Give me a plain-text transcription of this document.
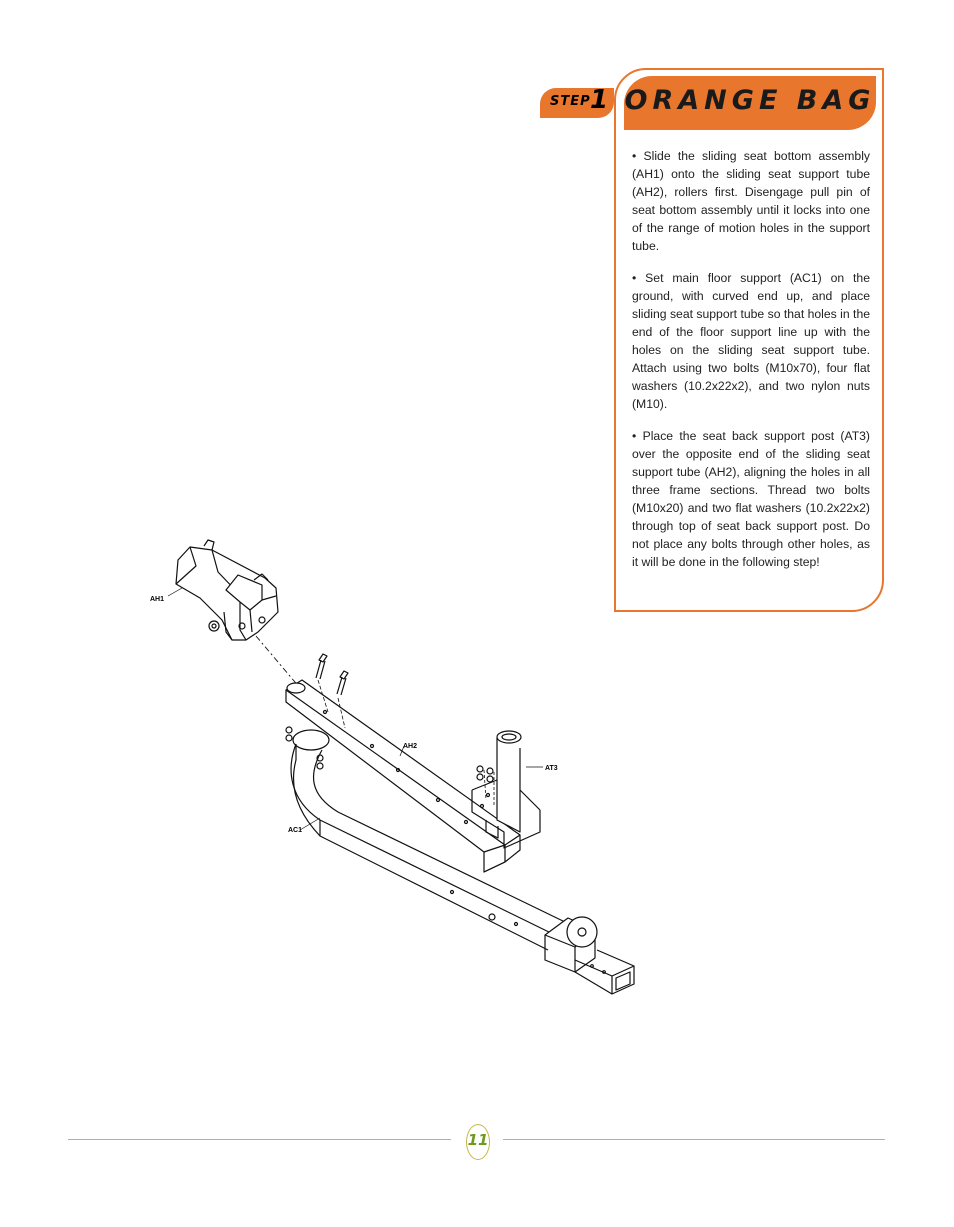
STEP 1 ORANGE BAG

• Slide the sliding seat bottom assembly (AH1) onto the sliding seat support tube (AH2), rollers first. Disengage pull pin of seat bottom assembly until it locks into one of the range of motion holes in the support tube.

• Set main floor support (AC1) on the ground, with curved end up, and place sliding seat support tube so that holes in the end of the floor support line up with the holes on the sliding seat support tube. Attach using two bolts (M10x70), four flat washers (10.2x22x2), and two nylon nuts (M10).

• Place the seat back support post (AT3) over the opposite end of the sliding seat support tube (AH2), aligning the holes in all three frame sections. Thread two bolts (M10x20) and two flat washers (10.2x22x2) through top of seat back support post. Do not place any bolts through other holes, as it will be done in the following step!

AH1
AH2
AT3
AC1
11
